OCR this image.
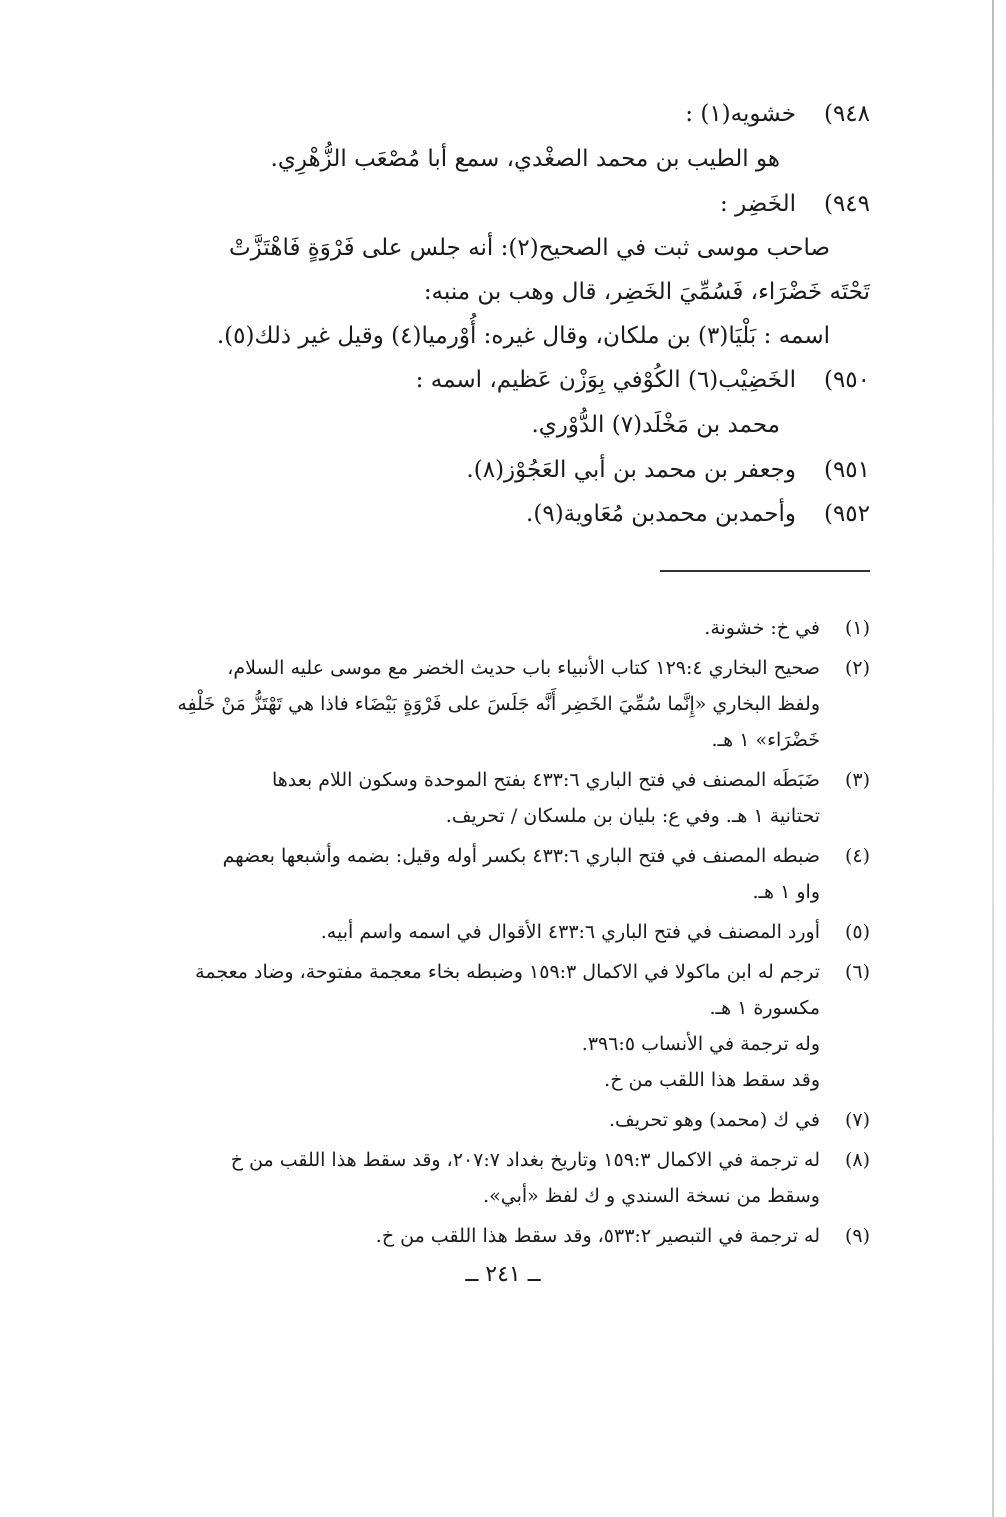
٩٤٨)
خشويه(١) :
هو الطيب بن محمد الصغْدي، سمع أبا مُصْعَب الزُّهْرِي.
٩٤٩)
الخَضِر :
صاحب موسى ثبت في الصحيح(٢): أنه جلس على فَرْوَةٍ فَاهْتَزَّتْ
تَحْتَه خَضْرَاء، فَسُمِّيَ الخَضِر، قال وهب بن منبه:
اسمه : بَلْيَا(٣) بن ملكان، وقال غيره: أُوْرميا(٤) وقيل غير ذلك(٥).
٩٥٠)
الخَضِيْب(٦) الكُوْفي بِوَزْن عَظيم، اسمه :
محمد بن مَخْلَد(٧) الدُّوْري.
٩٥١)
وجعفر بن محمد بن أبي العَجُوْز(٨).
٩٥٢)
وأحمدبن محمدبن مُعَاوية(٩).
(١)
في خ: خشونة.
(٢)
صحيح البخاري ١٢٩:٤ كتاب الأنبياء باب حديث الخضر مع موسى عليه السلام،
ولفظ البخاري «إِنَّما سُمِّيَ الخَضِر أَنَّه جَلَسَ على فَرْوَةٍ بَيْضَاء فاذا هي تَهْتَزُّ مَنْ خَلْفِه
خَضْرَاء» ١ هـ.
(٣)
ضَبَطَه المصنف في فتح الباري ٤٣٣:٦ بفتح الموحدة وسكون اللام بعدها
تحتانية ١ هـ. وفي ع: بليان بن ملسكان / تحريف.
(٤)
ضبطه المصنف في فتح الباري ٤٣٣:٦ بكسر أوله وقيل: بضمه وأشبعها بعضهم
واو ١ هـ.
(٥)
أورد المصنف في فتح الباري ٤٣٣:٦ الأقوال في اسمه واسم أبيه.
(٦)
ترجم له ابن ماكولا في الاكمال ١٥٩:٣ وضبطه بخاء معجمة مفتوحة، وضاد معجمة
مكسورة ١ هـ.
وله ترجمة في الأنساب ٣٩٦:٥.
وقد سقط هذا اللقب من خ.
(٧)
في ك (محمد) وهو تحريف.
(٨)
له ترجمة في الاكمال ١٥٩:٣ وتاريخ بغداد ٢٠٧:٧، وقد سقط هذا اللقب من خ
وسقط من نسخة السندي و ك لفظ «أبي».
(٩)
له ترجمة في التبصير ٥٣٣:٢، وقد سقط هذا اللقب من خ.
ــ ٢٤١ ــ
